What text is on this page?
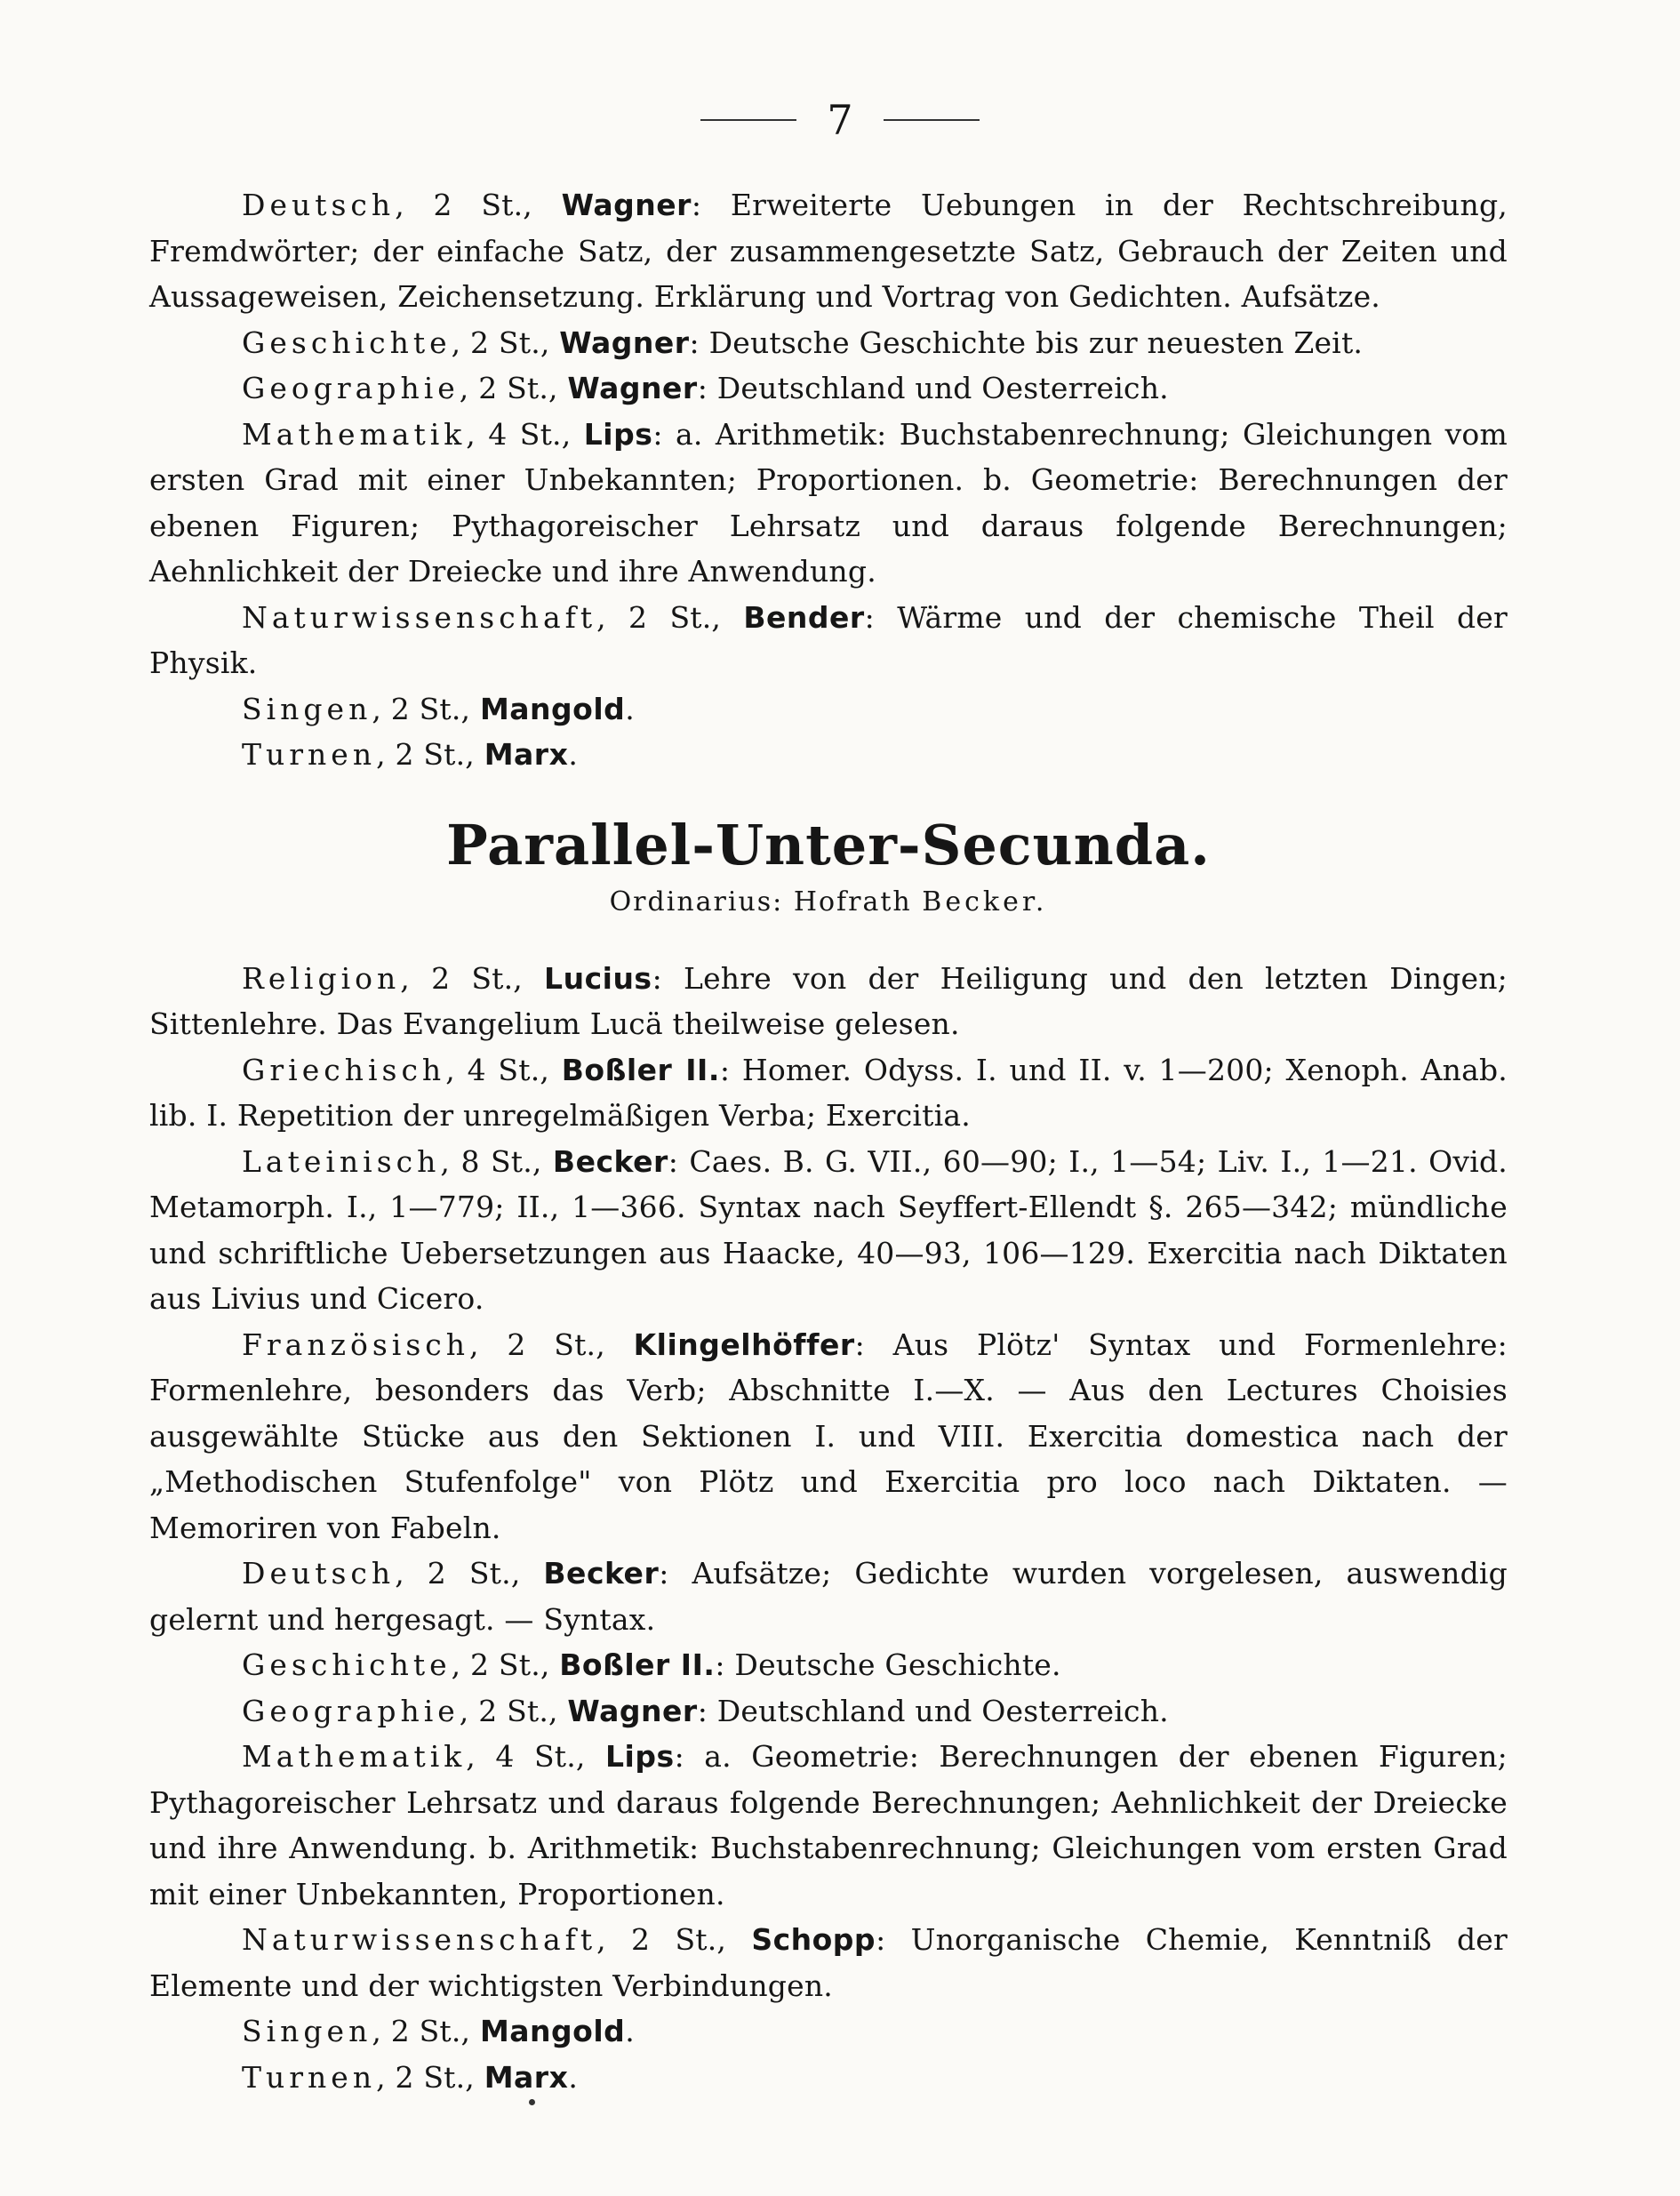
7

Deutsch, 2 St., Wagner: Erweiterte Uebungen in der Rechtschreibung, Fremdwörter; der einfache Satz, der zusammengesetzte Satz, Gebrauch der Zeiten und Aussageweisen, Zeichensetzung. Erklärung und Vortrag von Gedichten. Aufsätze.

Geschichte, 2 St., Wagner: Deutsche Geschichte bis zur neuesten Zeit.

Geographie, 2 St., Wagner: Deutschland und Oesterreich.

Mathematik, 4 St., Lips: a. Arithmetik: Buchstabenrechnung; Gleichungen vom ersten Grad mit einer Unbekannten; Proportionen. b. Geometrie: Berechnungen der ebenen Figuren; Pythagoreischer Lehrsatz und daraus folgende Berechnungen; Aehnlichkeit der Dreiecke und ihre Anwendung.

Naturwissenschaft, 2 St., Bender: Wärme und der chemische Theil der Physik.

Singen, 2 St., Mangold.

Turnen, 2 St., Marx.

Parallel-Unter-Secunda.
Ordinarius: Hofrath Becker.

Religion, 2 St., Lucius: Lehre von der Heiligung und den letzten Dingen; Sittenlehre. Das Evangelium Lucä theilweise gelesen.

Griechisch, 4 St., Boßler II.: Homer. Odyss. I. und II. v. 1—200; Xenoph. Anab. lib. I. Repetition der unregelmäßigen Verba; Exercitia.

Lateinisch, 8 St., Becker: Caes. B. G. VII., 60—90; I., 1—54; Liv. I., 1—21. Ovid. Metamorph. I., 1—779; II., 1—366. Syntax nach Seyffert-Ellendt §. 265—342; mündliche und schriftliche Uebersetzungen aus Haacke, 40—93, 106—129. Exercitia nach Diktaten aus Livius und Cicero.

Französisch, 2 St., Klingelhöffer: Aus Plötz' Syntax und Formenlehre: Formenlehre, besonders das Verb; Abschnitte I.—X. — Aus den Lectures Choisies ausgewählte Stücke aus den Sektionen I. und VIII. Exercitia domestica nach der „Methodischen Stufenfolge" von Plötz und Exercitia pro loco nach Diktaten. — Memoriren von Fabeln.

Deutsch, 2 St., Becker: Aufsätze; Gedichte wurden vorgelesen, auswendig gelernt und hergesagt. — Syntax.

Geschichte, 2 St., Boßler II.: Deutsche Geschichte.

Geographie, 2 St., Wagner: Deutschland und Oesterreich.

Mathematik, 4 St., Lips: a. Geometrie: Berechnungen der ebenen Figuren; Pythagoreischer Lehrsatz und daraus folgende Berechnungen; Aehnlichkeit der Dreiecke und ihre Anwendung. b. Arithmetik: Buchstabenrechnung; Gleichungen vom ersten Grad mit einer Unbekannten, Proportionen.

Naturwissenschaft, 2 St., Schopp: Unorganische Chemie, Kenntniß der Elemente und der wichtigsten Verbindungen.

Singen, 2 St., Mangold.

Turnen, 2 St., Marx.
